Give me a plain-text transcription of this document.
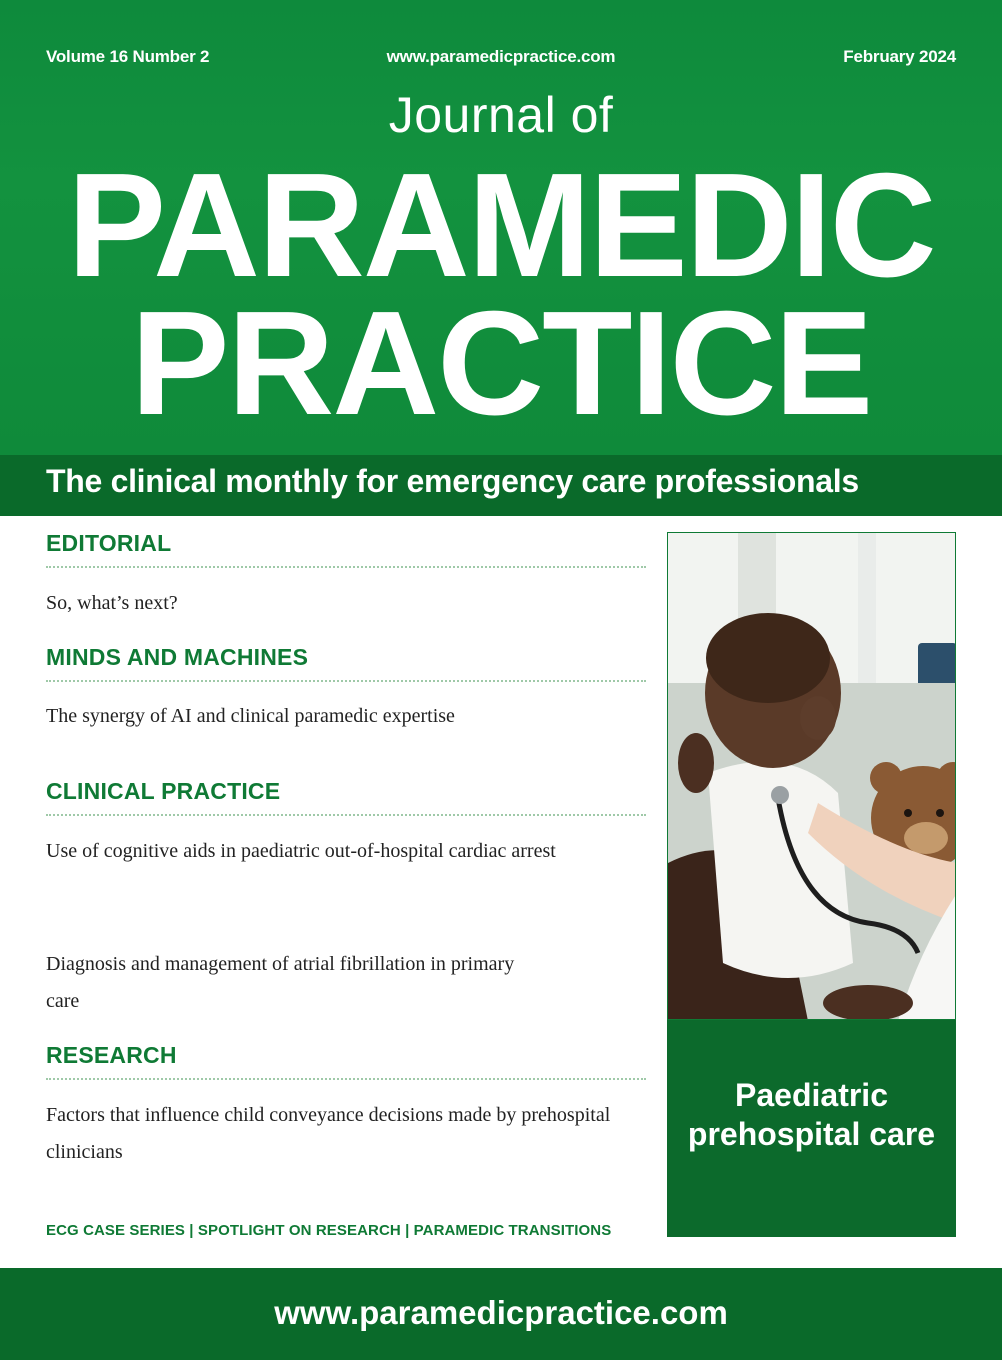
Volume 16 Number 2	www.paramedicpractice.com	February 2024
Journal of
PARAMEDIC
PRACTICE
The clinical monthly for emergency care professionals
EDITORIAL
So, what’s next?
MINDS AND MACHINES
The synergy of AI and clinical paramedic expertise
CLINICAL PRACTICE
Use of cognitive aids in paediatric out-of-hospital cardiac arrest
Diagnosis and management of atrial fibrillation in primary care
RESEARCH
Factors that influence child conveyance decisions made by prehospital clinicians
Paediatric prehospital care
ECG CASE SERIES | SPOTLIGHT ON RESEARCH | PARAMEDIC TRANSITIONS
www.paramedicpractice.com
